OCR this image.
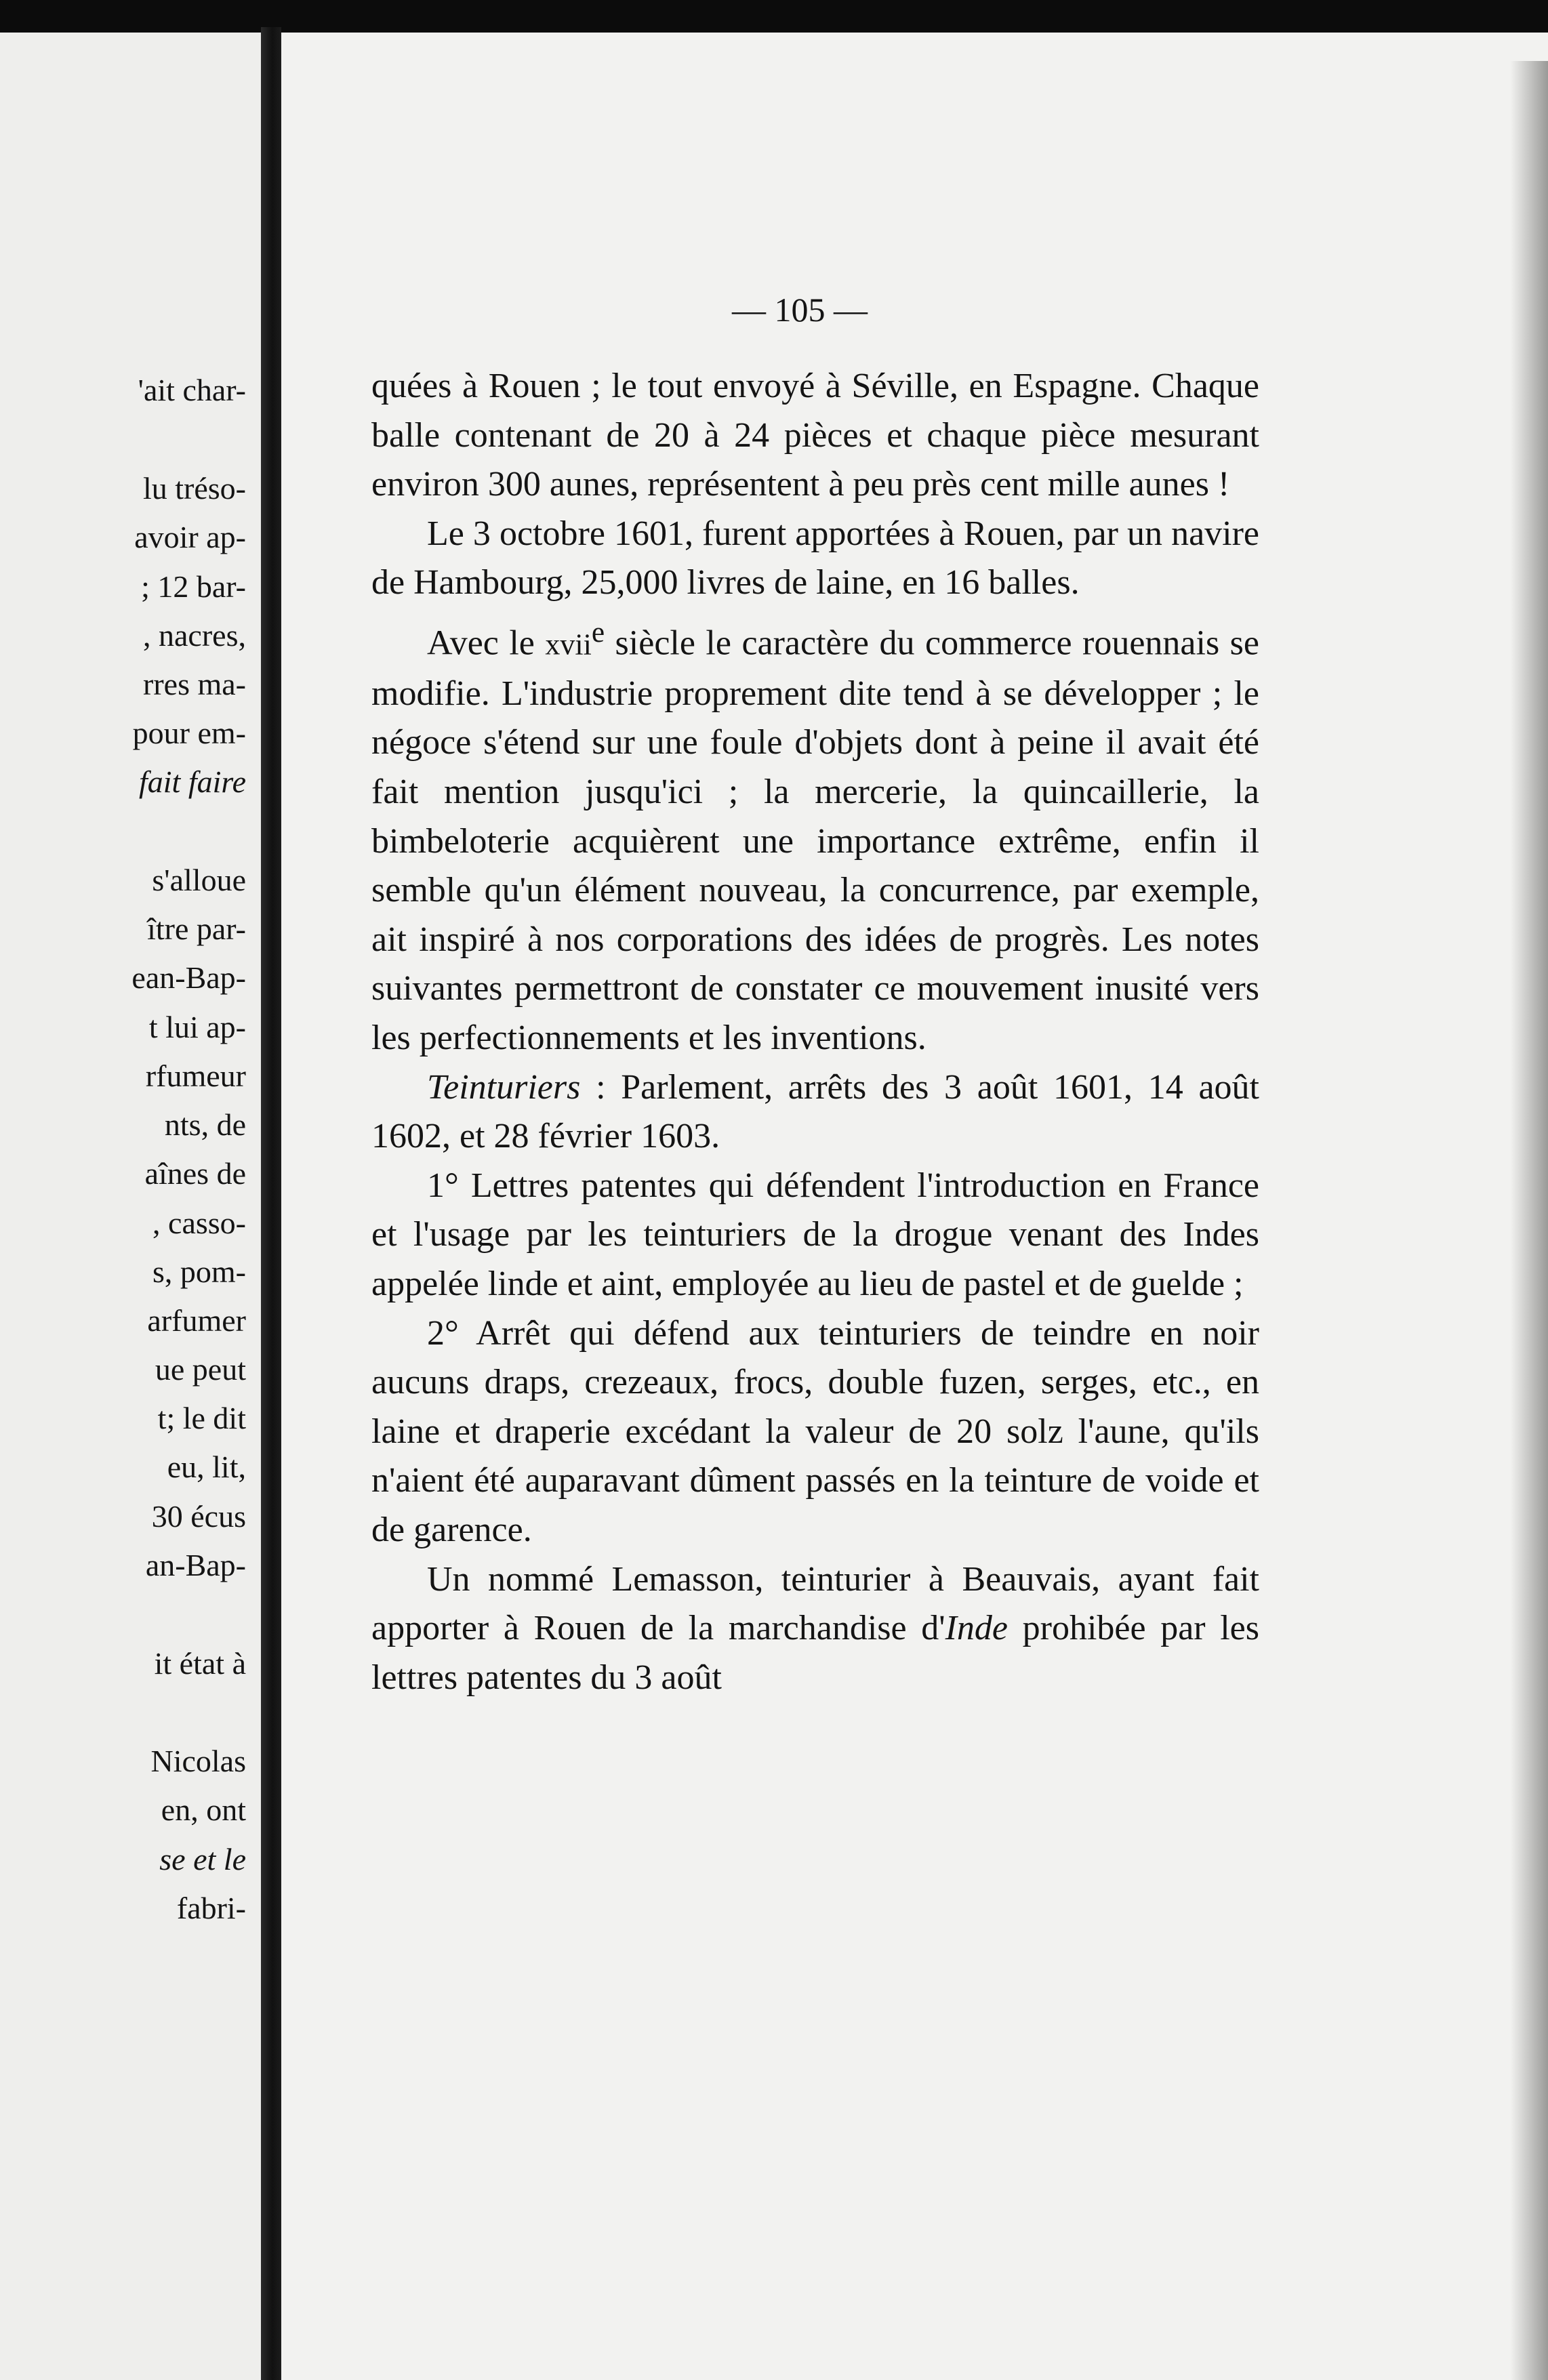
'ait char-
lu tréso-
avoir ap-
; 12 bar-
, nacres,
rres ma-
pour em-
fait faire
s'alloue
ître par-
ean-Bap-
t lui ap-
rfumeur
nts, de
aînes de
, casso-
s, pom-
arfumer
ue peut
t; le dit
eu, lit,
30 écus
an-Bap-
it état à
Nicolas
en, ont
se et le
fabri-
— 105 —

quées à Rouen ; le tout envoyé à Séville, en Espagne. Chaque balle contenant de 20 à 24 pièces et chaque pièce mesurant environ 300 aunes, représentent à peu près cent mille aunes !

Le 3 octobre 1601, furent apportées à Rouen, par un navire de Hambourg, 25,000 livres de laine, en 16 balles.

Avec le xvii$^e$ siècle le caractère du commerce rouennais se modifie. L'industrie proprement dite tend à se développer ; le négoce s'étend sur une foule d'objets dont à peine il avait été fait mention jusqu'ici ; la mercerie, la quincaillerie, la bimbeloterie acquièrent une importance extrême, enfin il semble qu'un élément nouveau, la concurrence, par exemple, ait inspiré à nos corporations des idées de progrès. Les notes suivantes permettront de constater ce mouvement inusité vers les perfectionnements et les inventions.

Teinturiers : Parlement, arrêts des 3 août 1601, 14 août 1602, et 28 février 1603.

1° Lettres patentes qui défendent l'introduction en France et l'usage par les teinturiers de la drogue venant des Indes appelée linde et aint, employée au lieu de pastel et de guelde ;

2° Arrêt qui défend aux teinturiers de teindre en noir aucuns draps, crezeaux, frocs, double fuzen, serges, etc., en laine et draperie excédant la valeur de 20 solz l'aune, qu'ils n'aient été auparavant dûment passés en la teinture de voide et de garence.

Un nommé Lemasson, teinturier à Beauvais, ayant fait apporter à Rouen de la marchandise d'Inde prohibée par les lettres patentes du 3 août
